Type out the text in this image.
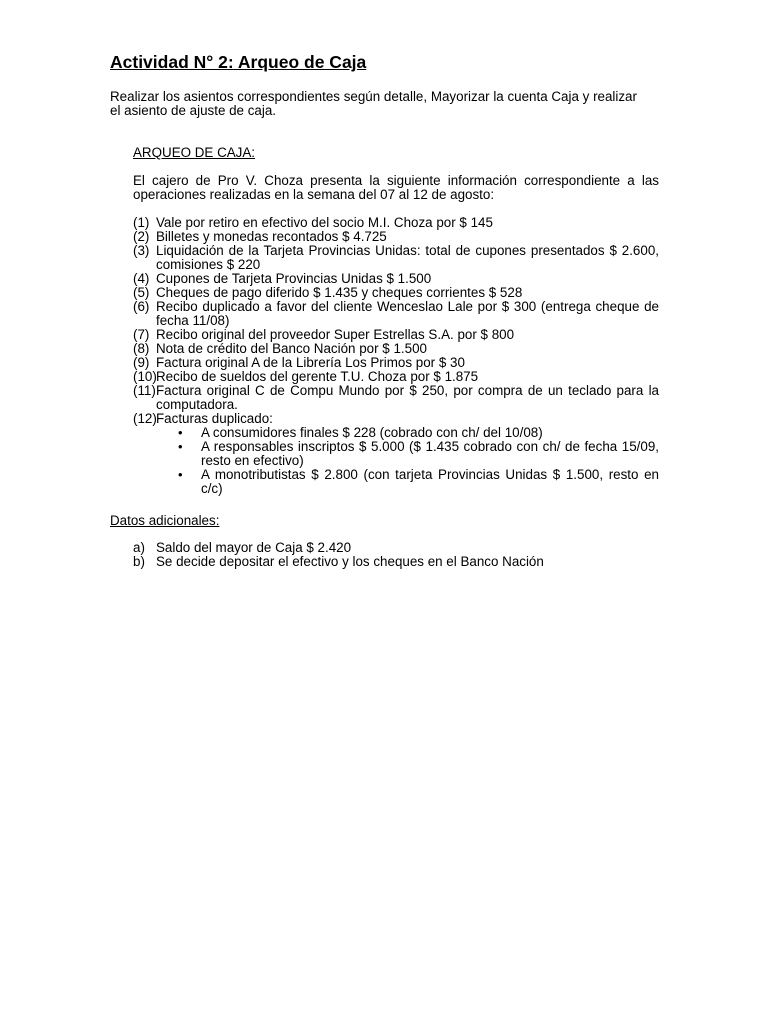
Actividad N° 2: Arqueo de Caja

Realizar los asientos correspondientes según detalle, Mayorizar la cuenta Caja y realizar el asiento de ajuste de caja.

ARQUEO DE CAJA:

El cajero de Pro V. Choza presenta la siguiente información correspondiente a las operaciones realizadas en la semana del 07 al 12 de agosto:

(1) Vale por retiro en efectivo del socio M.I. Choza por $ 145
(2) Billetes y monedas recontados $ 4.725
(3) Liquidación de la Tarjeta Provincias Unidas: total de cupones presentados $ 2.600, comisiones $ 220
(4) Cupones de Tarjeta Provincias Unidas $ 1.500
(5) Cheques de pago diferido $ 1.435 y cheques corrientes $ 528
(6) Recibo duplicado a favor del cliente Wenceslao Lale por $ 300 (entrega cheque de fecha 11/08)
(7) Recibo original del proveedor Super Estrellas S.A. por $ 800
(8) Nota de crédito del Banco Nación por $ 1.500
(9) Factura original A de la Librería Los Primos por $ 30
(10) Recibo de sueldos del gerente T.U. Choza por $ 1.875
(11) Factura original C de Compu Mundo por $ 250, por compra de un teclado para la computadora.
(12) Facturas duplicado:
• A consumidores finales $ 228 (cobrado con ch/ del 10/08)
• A responsables inscriptos $ 5.000 ($ 1.435 cobrado con ch/ de fecha 15/09, resto en efectivo)
• A monotributistas $ 2.800 (con tarjeta Provincias Unidas $ 1.500, resto en c/c)

Datos adicionales:

a) Saldo del mayor de Caja $ 2.420
b) Se decide depositar el efectivo y los cheques en el Banco Nación
